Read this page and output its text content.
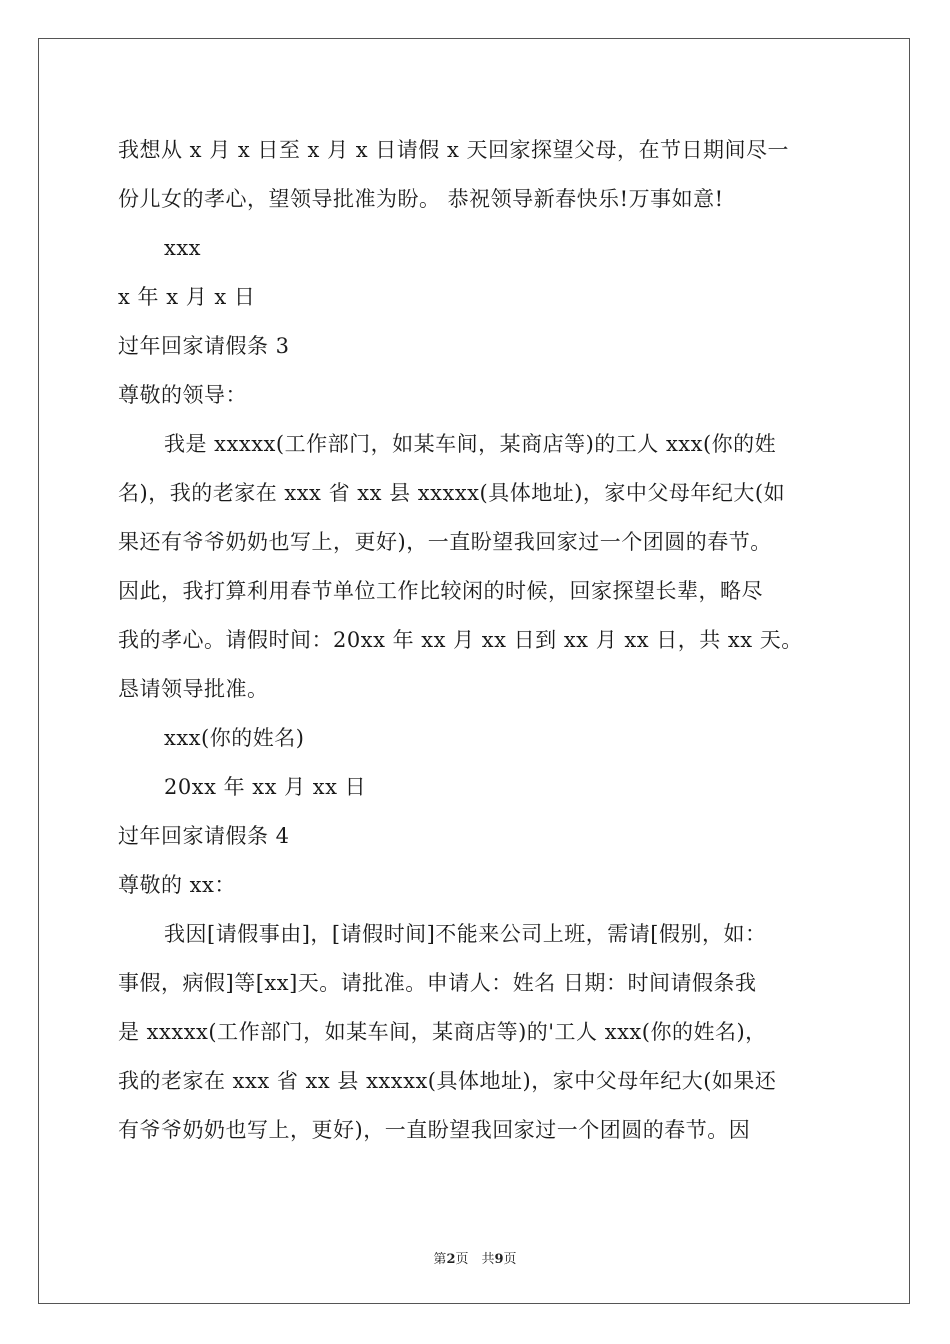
我想从 x 月 x 日至 x 月 x 日请假 x 天回家探望父母，在节日期间尽一
份儿女的孝心，望领导批准为盼。 恭祝领导新春快乐!万事如意!
xxx
x 年 x 月 x 日
过年回家请假条 3
尊敬的领导：
我是 xxxxx(工作部门，如某车间，某商店等)的工人 xxx(你的姓
名)，我的老家在 xxx 省 xx 县 xxxxx(具体地址)，家中父母年纪大(如
果还有爷爷奶奶也写上，更好)，一直盼望我回家过一个团圆的春节。
因此，我打算利用春节单位工作比较闲的时候，回家探望长辈，略尽
我的孝心。请假时间：20xx 年 xx 月 xx 日到 xx 月 xx 日，共 xx 天。
恳请领导批准。
xxx(你的姓名)
20xx 年 xx 月 xx 日
过年回家请假条 4
尊敬的 xx：
我因[请假事由]，[请假时间]不能来公司上班，需请[假别，如：
事假，病假]等[xx]天。请批准。申请人：姓名 日期：时间请假条我
是 xxxxx(工作部门，如某车间，某商店等)的'工人 xxx(你的姓名)，
我的老家在 xxx 省 xx 县 xxxxx(具体地址)，家中父母年纪大(如果还
有爷爷奶奶也写上，更好)，一直盼望我回家过一个团圆的春节。因
第2页　共9页
